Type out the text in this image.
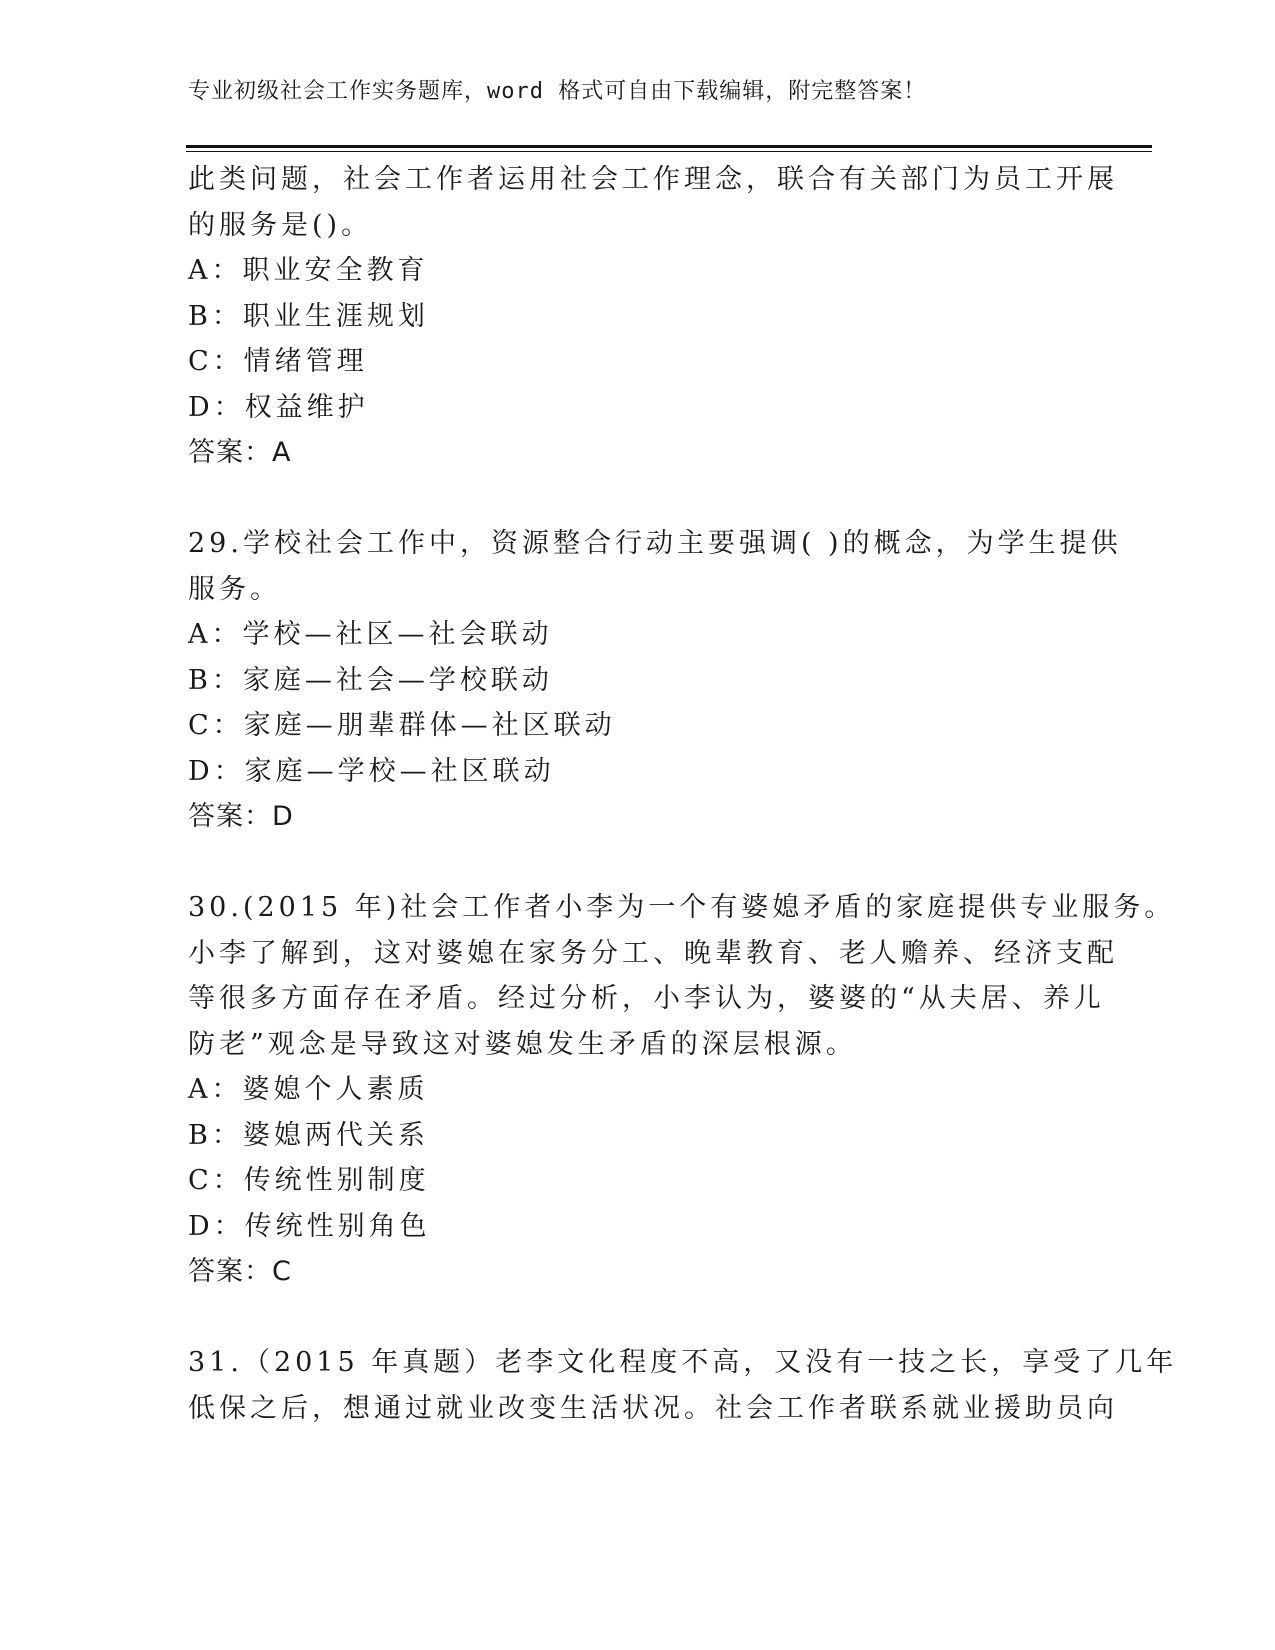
专业初级社会工作实务题库，word 格式可自由下载编辑，附完整答案！
此类问题，社会工作者运用社会工作理念，联合有关部门为员工开展
的服务是()。
A：职业安全教育
B：职业生涯规划
C：情绪管理
D：权益维护
答案：A
29.学校社会工作中，资源整合行动主要强调( )的概念，为学生提供
服务。
A：学校—社区—社会联动
B：家庭—社会—学校联动
C：家庭—朋辈群体—社区联动
D：家庭—学校—社区联动
答案：D
30.(2015 年)社会工作者小李为一个有婆媳矛盾的家庭提供专业服务。
小李了解到，这对婆媳在家务分工、晚辈教育、老人赡养、经济支配
等很多方面存在矛盾。经过分析，小李认为，婆婆的“从夫居、养儿
防老”观念是导致这对婆媳发生矛盾的深层根源。
A：婆媳个人素质
B：婆媳两代关系
C：传统性别制度
D：传统性别角色
答案：C
31.（2015 年真题）老李文化程度不高，又没有一技之长，享受了几年
低保之后，想通过就业改变生活状况。社会工作者联系就业援助员向
